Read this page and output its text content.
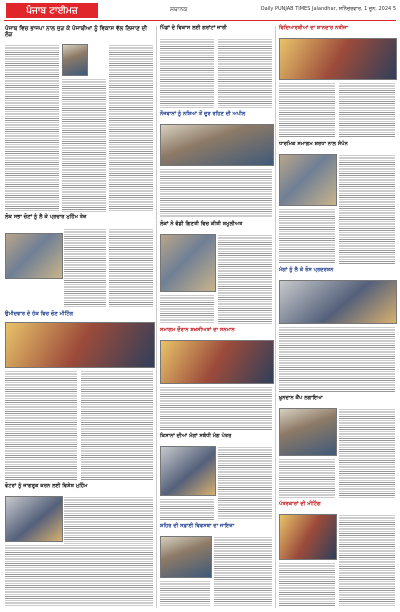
ਪੰਜਾਬ ਟਾਈਮਜ਼	ਸਥਾਨਕ	Daily PUNJAB TIMES Jalandhar, ਸ਼ਨਿੱਚਰਵਾਰ, 1 ਜੂਨ, 2024 5
ਪੰਜਾਬ ਵਿਚ ਭਾਜਪਾ ਨਾਲ ਜੁੜ ਕੇ ਪੰਜਾਬੀਆਂ ਨੂੰ ਵਿਕਾਸ ਵੱਲ ਲਿਜਾਣ ਦੀ ਲੋੜ
ਲੋਕ ਸਭਾ ਚੋਣਾਂ ਨੂੰ ਲੈ ਕੇ ਪ੍ਰਚਾਰ ਮੁਹਿੰਮ ਤੇਜ਼
ਉਮੀਦਵਾਰ ਦੇ ਹੱਕ ਵਿਚ ਚੋਣ ਮੀਟਿੰਗ
ਵੋਟਰਾਂ ਨੂੰ ਜਾਗਰੂਕ ਕਰਨ ਲਈ ਵਿਸ਼ੇਸ਼ ਮੁਹਿੰਮ
ਪਿੰਡਾਂ ਦੇ ਵਿਕਾਸ ਲਈ ਗਰਾਂਟਾਂ ਜਾਰੀ
ਨੌਜਵਾਨਾਂ ਨੂੰ ਨਸ਼ਿਆਂ ਤੋਂ ਦੂਰ ਰਹਿਣ ਦੀ ਅਪੀਲ
ਲੋਕਾਂ ਨੇ ਵੱਡੀ ਗਿਣਤੀ ਵਿਚ ਕੀਤੀ ਸ਼ਮੂਲੀਅਤ
ਸਮਾਗਮ ਦੌਰਾਨ ਸ਼ਖ਼ਸੀਅਤਾਂ ਦਾ ਸਨਮਾਨ
ਕਿਸਾਨਾਂ ਦੀਆਂ ਮੰਗਾਂ ਸਬੰਧੀ ਮੰਗ ਪੱਤਰ
ਸ਼ਹਿਰ ਦੀ ਸਫ਼ਾਈ ਵਿਵਸਥਾ ਦਾ ਜਾਇਜ਼ਾ
ਵਿਦਿਆਰਥੀਆਂ ਦਾ ਸ਼ਾਨਦਾਰ ਨਤੀਜਾ
ਧਾਰਮਿਕ ਸਮਾਗਮ ਸ਼ਰਧਾ ਨਾਲ ਸੰਪੰਨ
ਮੰਗਾਂ ਨੂੰ ਲੈ ਕੇ ਰੋਸ ਪ੍ਰਦਰਸ਼ਨ
ਖ਼ੂਨਦਾਨ ਕੈਂਪ ਲਗਾਇਆ
ਪੱਤਰਕਾਰਾਂ ਦੀ ਮੀਟਿੰਗ
